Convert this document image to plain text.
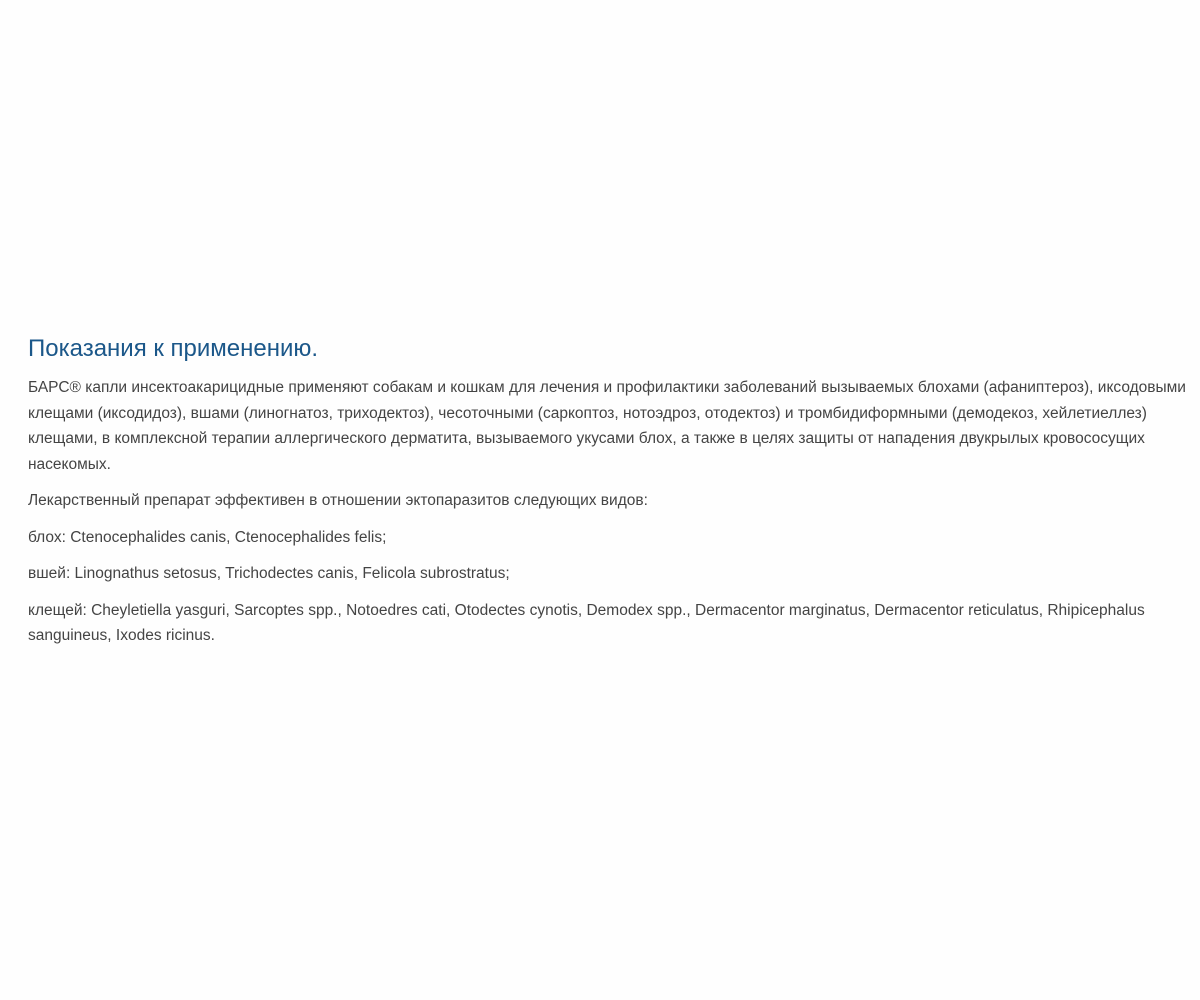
Показания к применению.

БАРС® капли инсектоакарицидные применяют собакам и кошкам для лечения и профилактики заболеваний вызываемых блохами (афаниптероз), иксодовыми клещами (иксодидоз), вшами (линогнатоз, триходектоз), чесоточными (саркоптоз, нотоэдроз, отодектоз) и тромбидиформными (демодекоз, хейлетиеллез) клещами, в комплексной терапии аллергического дерматита, вызываемого укусами блох, а также в целях защиты от нападения двукрылых кровососущих насекомых.

Лекарственный препарат эффективен в отношении эктопаразитов следующих видов:

блох: Ctenocephalides canis, Ctenocephalides felis;

вшей: Linognathus setosus, Trichodectes canis, Felicola subrostratus;

клещей: Cheyletiella yasguri, Sarcoptes spp., Notoedres cati, Otodectes cynotis, Demodex spp., Dermacentor marginatus, Dermacentor reticulatus, Rhipicephalus sanguineus, Ixodes ricinus.
